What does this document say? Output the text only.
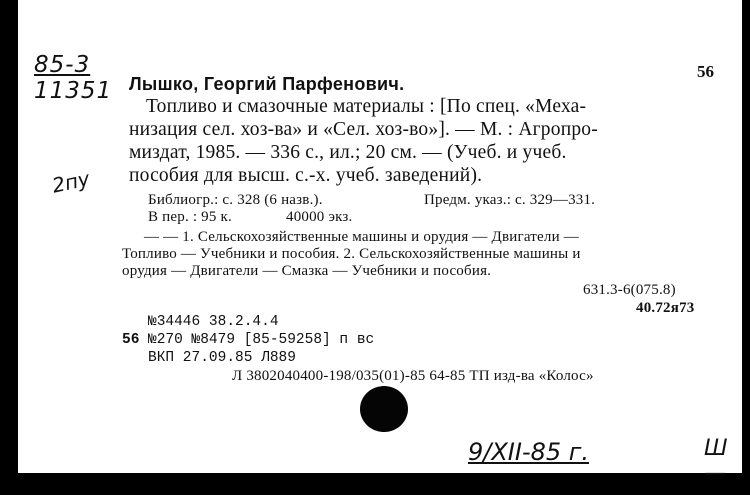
85-3
11351
2пу
56
Лышко, Георгий Парфенович.
Топливо и смазочные материалы : [По спец. «Меха-
низация сел. хоз-ва» и «Сел. хоз-во»]. — М. : Агропро-
миздат, 1985. — 336 с., ил.; 20 см. — (Учеб. и учеб.
пособия для высш. с.-х. учеб. заведений).
Библиогр.: с. 328 (6 назв.).	Предм. указ.: с. 329—331.
В пер. : 95 к.	40000 экз.
— — 1. Сельскохозяйственные машины и орудия — Двигатели —
Топливо — Учебники и пособия. 2. Сельскохозяйственные машины и
орудия — Двигатели — Смазка — Учебники и пособия.
631.3-6(075.8)
40.72я73
№34446 38.2.4.4
56 №270 №8479 [85-59258] п вс
ВКП 27.09.85 Л889
Л 3802040400-198/035(01)-85 64-85 ТП изд-ва «Колос»
9/XII-85 г.	Ш—
